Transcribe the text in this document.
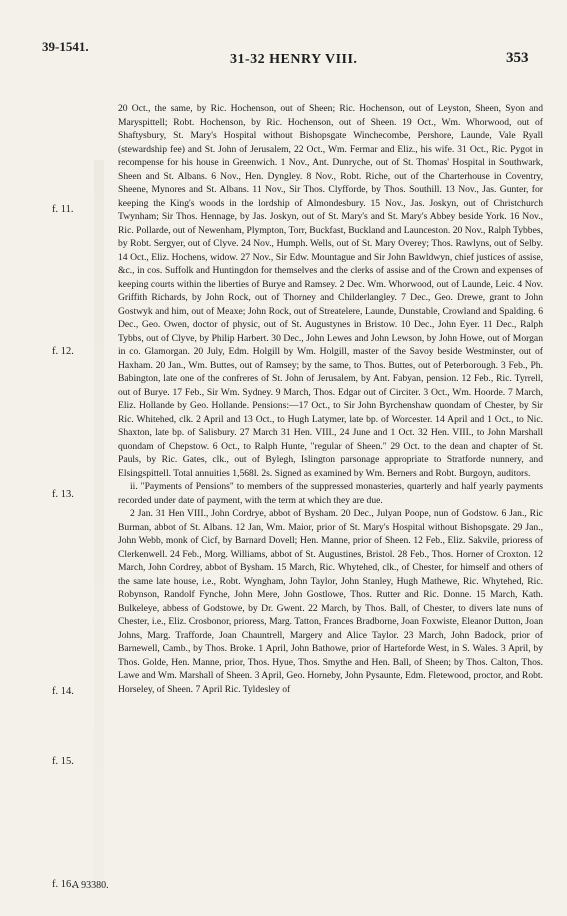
39-1541.
31-32 HENRY VIII.	353
f. 11.
f. 12.
f. 13.
f. 14.
f. 15.
f. 16.

20 Oct., the same, by Ric. Hochenson, out of Sheen; Ric. Hochenson, out of Leyston, Sheen, Syon and Maryspittell; Robt. Hochenson, by Ric. Hochenson, out of Sheen. 19 Oct., Wm. Whorwood, out of Shaftysbury, St. Mary's Hospital without Bishopsgate Winchecombe, Pershore, Launde, Vale Ryall (stewardship fee) and St. John of Jerusalem, 22 Oct., Wm. Fermar and Eliz., his wife. 31 Oct., Ric. Pygot in recompense for his house in Greenwich. 1 Nov., Ant. Dunryche, out of St. Thomas' Hospital in Southwark, Sheen and St. Albans. 6 Nov., Hen. Dyngley. 8 Nov., Robt. Riche, out of the Charterhouse in Coventry, Sheene, Mynores and St. Albans. 11 Nov., Sir Thos. Clyfforde, by Thos. Southill. 13 Nov., Jas. Gunter, for keeping the King's woods in the lordship of Almondesbury. 15 Nov., Jas. Joskyn, out of Christchurch Twynham; Sir Thos. Hennage, by Jas. Joskyn, out of St. Mary's and St. Mary's Abbey beside York. 16 Nov., Ric. Pollarde, out of Newenham, Plympton, Torr, Buckfast, Buckland and Launceston. 20 Nov., Ralph Tybbes, by Robt. Sergyer, out of Clyve. 24 Nov., Humph. Wells, out of St. Mary Overey; Thos. Rawlyns, out of Selby. 14 Oct., Eliz. Hochens, widow. 27 Nov., Sir Edw. Mountague and Sir John Bawldwyn, chief justices of assise, &c., in cos. Suffolk and Huntingdon for themselves and the clerks of assise and of the Crown and expenses of keeping courts within the liberties of Burye and Ramsey. 2 Dec. Wm. Whorwood, out of Launde, Leic. 4 Nov. Griffith Richards, by John Rock, out of Thorney and Childerlangley. 7 Dec., Geo. Drewe, grant to John Gostwyk and him, out of Meaxe; John Rock, out of Streatelere, Launde, Dunstable, Crowland and Spalding. 6 Dec., Geo. Owen, doctor of physic, out of St. Augustynes in Bristow. 10 Dec., John Eyer. 11 Dec., Ralph Tybbs, out of Clyve, by Philip Harbert. 30 Dec., John Lewes and John Lewson, by John Howe, out of Morgan in co. Glamorgan. 20 July, Edm. Holgill by Wm. Holgill, master of the Savoy beside Westminster, out of Haxham. 20 Jan., Wm. Buttes, out of Ramsey; by the same, to Thos. Buttes, out of Peterborough. 3 Feb., Ph. Babington, late one of the confreres of St. John of Jerusalem, by Ant. Fabyan, pension. 12 Feb., Ric. Tyrrell, out of Burye. 17 Feb., Sir Wm. Sydney. 9 March, Thos. Edgar out of Circiter. 3 Oct., Wm. Hoorde. 7 March, Eliz. Hollande by Geo. Hollande. Pensions:—17 Oct., to Sir John Byrchenshaw quondam of Chester, by Sir Ric. Whitehed, clk. 2 April and 13 Oct., to Hugh Latymer, late bp. of Worcester. 14 April and 1 Oct., to Nic. Shaxton, late bp. of Salisbury. 27 March 31 Hen. VIII., 24 June and 1 Oct. 32 Hen. VIII., to John Marshall quondam of Chepstow. 6 Oct., to Ralph Hunte, "regular of Sheen." 29 Oct. to the dean and chapter of St. Pauls, by Ric. Gates, clk., out of Bylegh, Islington parsonage appropriate to Stratforde nunnery, and Elsingspittell. Total annuities 1,568l. 2s. Signed as examined by Wm. Berners and Robt. Burgoyn, auditors.

ii. "Payments of Pensions" to members of the suppressed monasteries, quarterly and half yearly payments recorded under date of payment, with the term at which they are due.

2 Jan. 31 Hen VIII., John Cordrye, abbot of Bysham. 20 Dec., Julyan Poope, nun of Godstow. 6 Jan., Ric Burman, abbot of St. Albans. 12 Jan, Wm. Maior, prior of St. Mary's Hospital without Bishopsgate. 29 Jan., John Webb, monk of Cicf, by Barnard Dovell; Hen. Manne, prior of Sheen. 12 Feb., Eliz. Sakvile, prioress of Clerkenwell. 24 Feb., Morg. Williams, abbot of St. Augustines, Bristol. 28 Feb., Thos. Horner of Croxton. 12 March, John Cordrey, abbot of Bysham. 15 March, Ric. Whytehed, clk., of Chester, for himself and others of the same late house, i.e., Robt. Wyngham, John Taylor, John Stanley, Hugh Mathewe, Ric. Whytehed, Ric. Robynson, Randolf Fynche, John Mere, John Gostlowe, Thos. Rutter and Ric. Donne. 15 March, Kath. Bulkeleye, abbess of Godstowe, by Dr. Gwent. 22 March, by Thos. Ball, of Chester, to divers late nuns of Chester, i.e., Eliz. Crosbonor, prioress, Marg. Tatton, Frances Bradborne, Joan Foxwiste, Eleanor Dutton, Joan Johns, Marg. Trafforde, Joan Chauntrell, Margery and Alice Taylor. 23 March, John Badock, prior of Barnewell, Camb., by Thos. Broke. 1 April, John Bathowe, prior of Harteforde West, in S. Wales. 3 April, by Thos. Golde, Hen. Manne, prior, Thos. Hyue, Thos. Smythe and Hen. Ball, of Sheen; by Thos. Calton, Thos. Lawe and Wm. Marshall of Sheen. 3 April, Geo. Horneby, John Pysaunte, Edm. Fletewood, proctor, and Robt. Horseley, of Sheen. 7 April Ric. Tyldesley of

A 93380.
